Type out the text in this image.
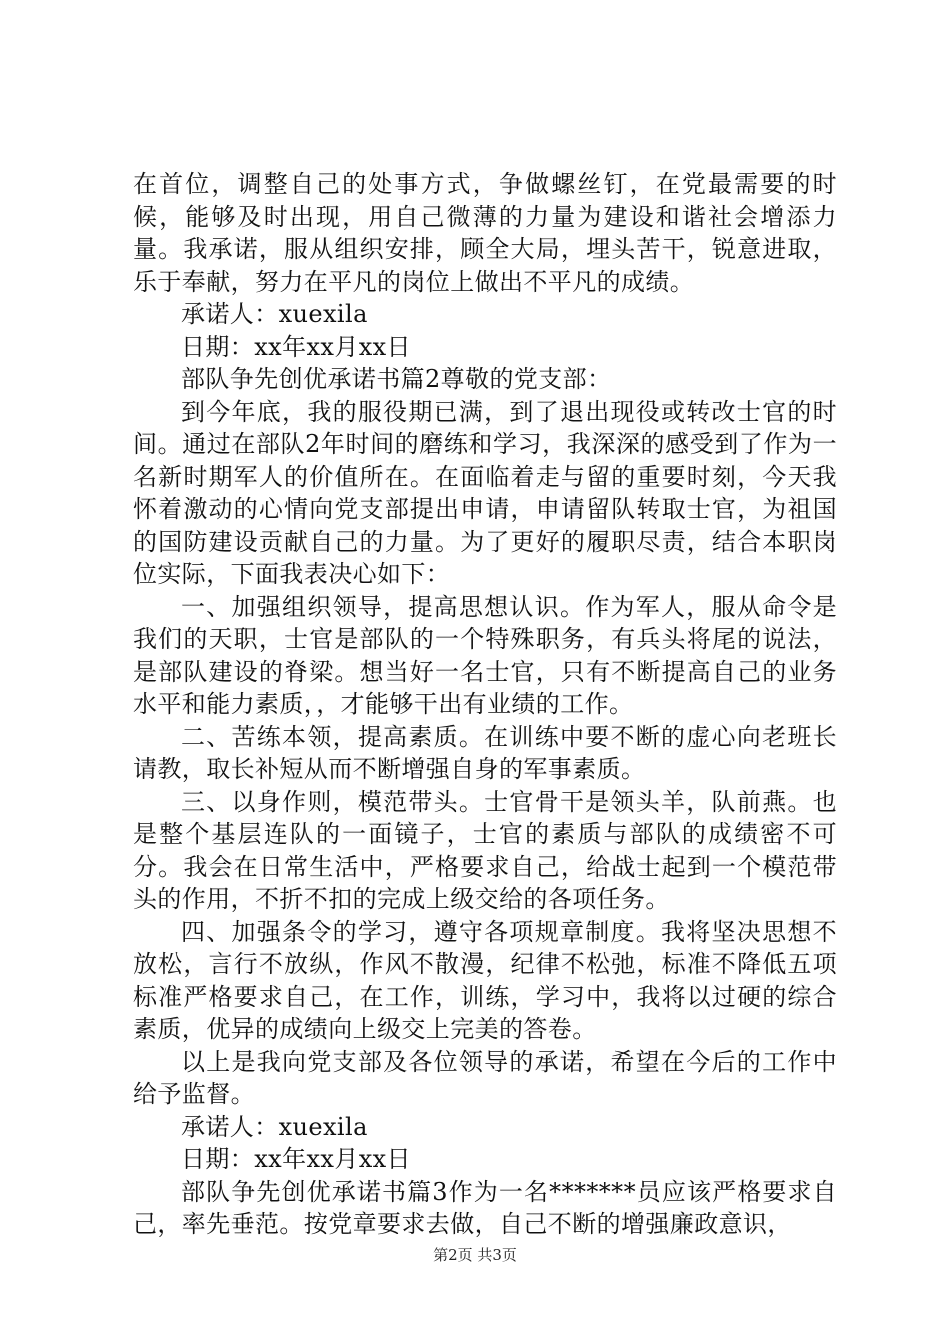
在首位，调整自己的处事方式，争做螺丝钉，在党最需要的时候，能够及时出现，用自己微薄的力量为建设和谐社会增添力量。我承诺，服从组织安排，顾全大局，埋头苦干，锐意进取，乐于奉献，努力在平凡的岗位上做出不平凡的成绩。

承诺人：xuexila

日期：xx年xx月xx日

部队争先创优承诺书篇2尊敬的党支部：

到今年底，我的服役期已满，到了退出现役或转改士官的时间。通过在部队2年时间的磨练和学习，我深深的感受到了作为一名新时期军人的价值所在。在面临着走与留的重要时刻，今天我怀着激动的心情向党支部提出申请，申请留队转取士官，为祖国的国防建设贡献自己的力量。为了更好的履职尽责，结合本职岗位实际，下面我表决心如下：

一、加强组织领导，提高思想认识。作为军人，服从命令是我们的天职，士官是部队的一个特殊职务，有兵头将尾的说法，是部队建设的脊梁。想当好一名士官，只有不断提高自己的业务水平和能力素质，，才能够干出有业绩的工作。

二、苦练本领，提高素质。在训练中要不断的虚心向老班长请教，取长补短从而不断增强自身的军事素质。

三、以身作则，模范带头。士官骨干是领头羊，队前燕。也是整个基层连队的一面镜子，士官的素质与部队的成绩密不可分。我会在日常生活中，严格要求自己，给战士起到一个模范带头的作用，不折不扣的完成上级交给的各项任务。

四、加强条令的学习，遵守各项规章制度。我将坚决思想不放松，言行不放纵，作风不散漫，纪律不松弛，标准不降低五项标准严格要求自己，在工作，训练，学习中，我将以过硬的综合素质，优异的成绩向上级交上完美的答卷。

以上是我向党支部及各位领导的承诺，希望在今后的工作中给予监督。

承诺人：xuexila

日期：xx年xx月xx日

部队争先创优承诺书篇3作为一名*******员应该严格要求自己，率先垂范。按党章要求去做，自己不断的增强廉政意识，

第2页 共3页
